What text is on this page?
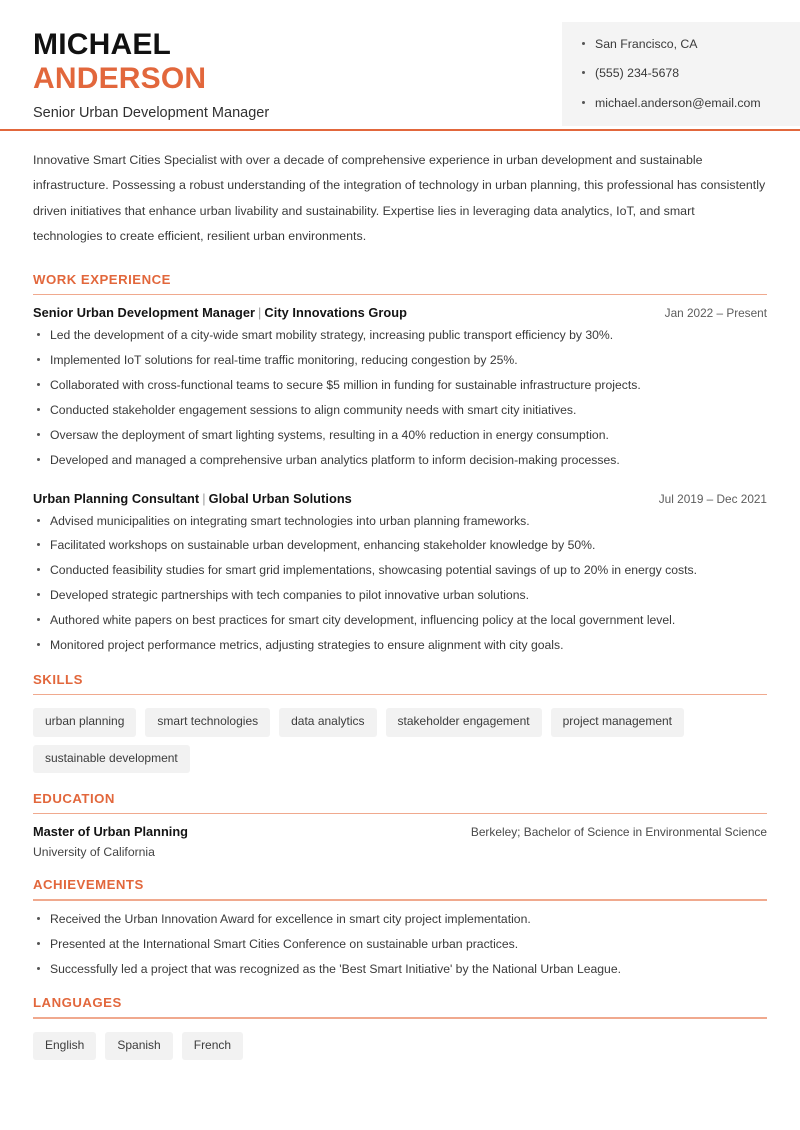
MICHAEL
ANDERSON
Senior Urban Development Manager
San Francisco, CA
(555) 234-5678
michael.anderson@email.com
Innovative Smart Cities Specialist with over a decade of comprehensive experience in urban development and sustainable infrastructure. Possessing a robust understanding of the integration of technology in urban planning, this professional has consistently driven initiatives that enhance urban livability and sustainability. Expertise lies in leveraging data analytics, IoT, and smart technologies to create efficient, resilient urban environments.
WORK EXPERIENCE
Senior Urban Development Manager | City Innovations Group	Jan 2022 – Present
Led the development of a city-wide smart mobility strategy, increasing public transport efficiency by 30%.
Implemented IoT solutions for real-time traffic monitoring, reducing congestion by 25%.
Collaborated with cross-functional teams to secure $5 million in funding for sustainable infrastructure projects.
Conducted stakeholder engagement sessions to align community needs with smart city initiatives.
Oversaw the deployment of smart lighting systems, resulting in a 40% reduction in energy consumption.
Developed and managed a comprehensive urban analytics platform to inform decision-making processes.
Urban Planning Consultant | Global Urban Solutions	Jul 2019 – Dec 2021
Advised municipalities on integrating smart technologies into urban planning frameworks.
Facilitated workshops on sustainable urban development, enhancing stakeholder knowledge by 50%.
Conducted feasibility studies for smart grid implementations, showcasing potential savings of up to 20% in energy costs.
Developed strategic partnerships with tech companies to pilot innovative urban solutions.
Authored white papers on best practices for smart city development, influencing policy at the local government level.
Monitored project performance metrics, adjusting strategies to ensure alignment with city goals.
SKILLS
urban planning	smart technologies	data analytics	stakeholder engagement	project management
sustainable development
EDUCATION
Master of Urban Planning	Berkeley; Bachelor of Science in Environmental Science
University of California
ACHIEVEMENTS
Received the Urban Innovation Award for excellence in smart city project implementation.
Presented at the International Smart Cities Conference on sustainable urban practices.
Successfully led a project that was recognized as the 'Best Smart Initiative' by the National Urban League.
LANGUAGES
English	Spanish	French
